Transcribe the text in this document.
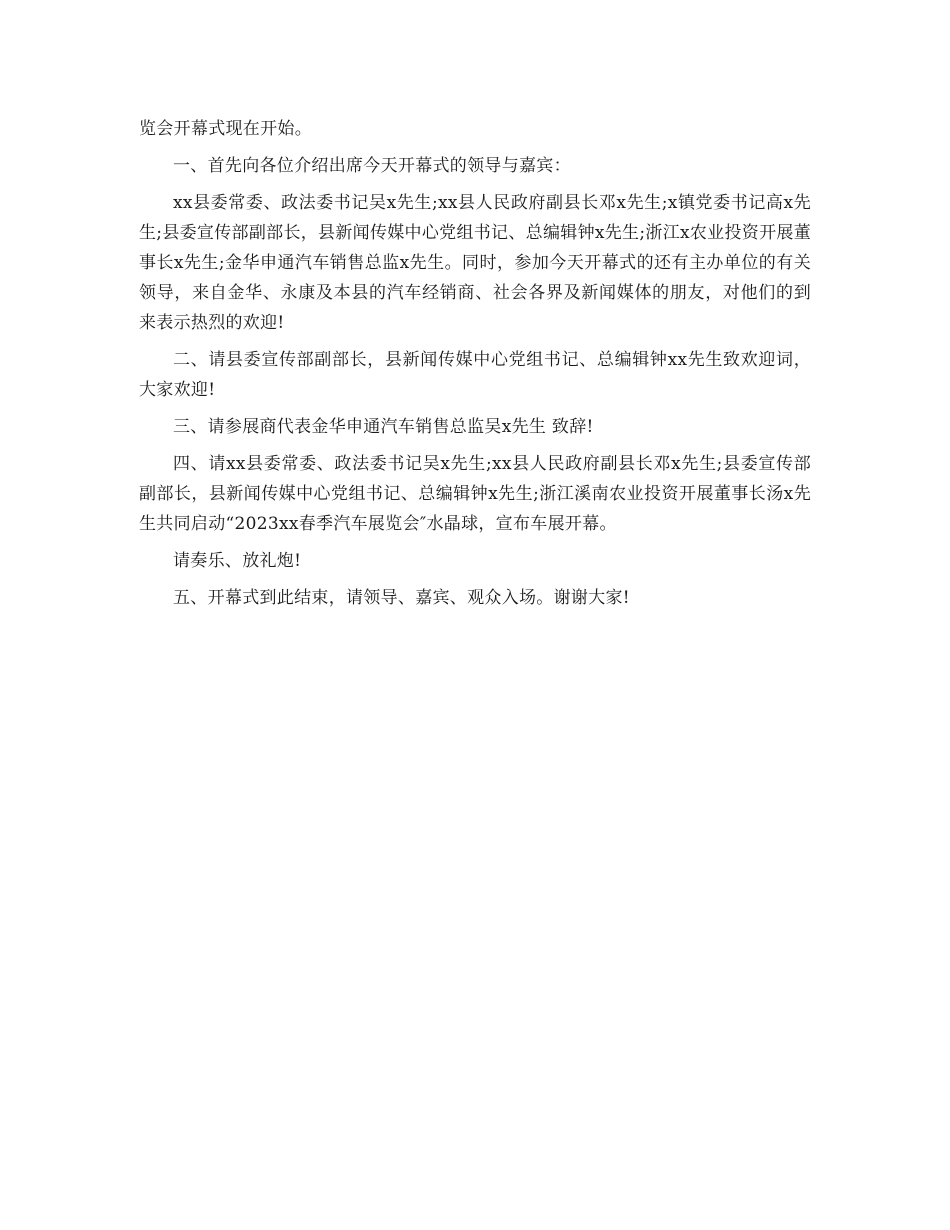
览会开幕式现在开始。

一、首先向各位介绍出席今天开幕式的领导与嘉宾：

xx县委常委、政法委书记吴x先生;xx县人民政府副县长邓x先生;x镇党委书记高x先生;县委宣传部副部长，县新闻传媒中心党组书记、总编辑钟x先生;浙江x农业投资开展董事长x先生;金华申通汽车销售总监x先生。同时，参加今天开幕式的还有主办单位的有关领导，来自金华、永康及本县的汽车经销商、社会各界及新闻媒体的朋友，对他们的到来表示热烈的欢迎!

二、请县委宣传部副部长，县新闻传媒中心党组书记、总编辑钟xx先生致欢迎词，大家欢迎!

三、请参展商代表金华申通汽车销售总监吴x先生 致辞!

四、请xx县委常委、政法委书记吴x先生;xx县人民政府副县长邓x先生;县委宣传部副部长，县新闻传媒中心党组书记、总编辑钟x先生;浙江溪南农业投资开展董事长汤x先生共同启动“2023xx春季汽车展览会″水晶球，宣布车展开幕。

请奏乐、放礼炮!

五、开幕式到此结束，请领导、嘉宾、观众入场。谢谢大家!
